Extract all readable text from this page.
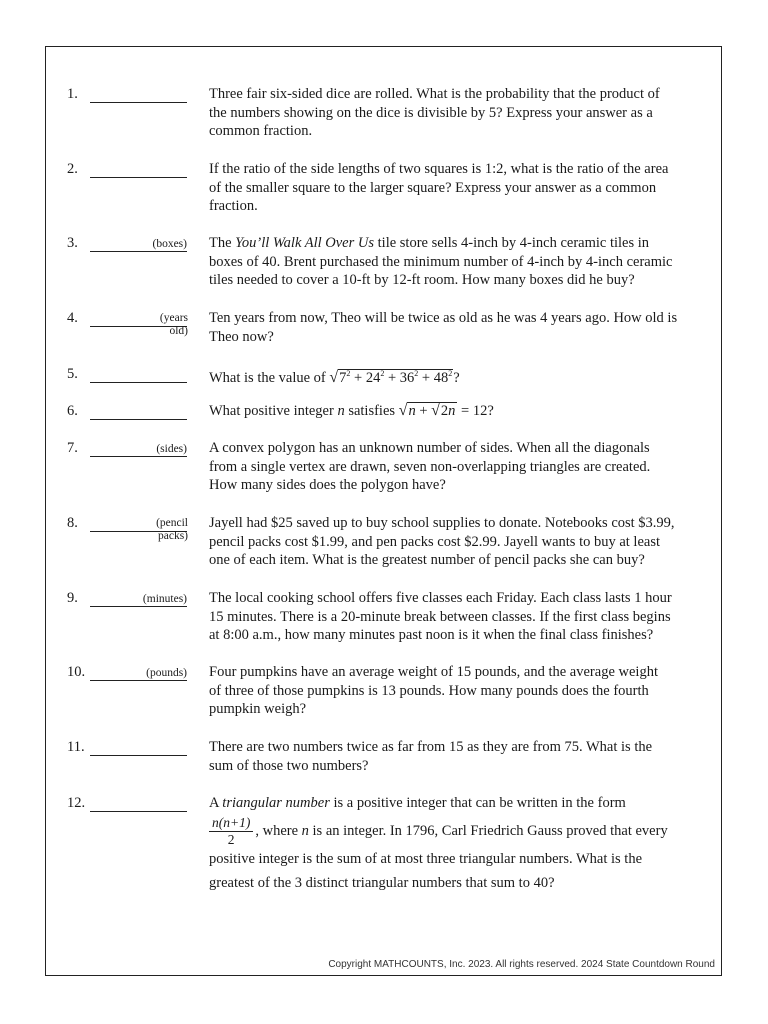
1.	Three fair six-sided dice are rolled. What is the probability that the product of
the numbers showing on the dice is divisible by 5? Express your answer as a
common fraction.
2.	If the ratio of the side lengths of two squares is 1:2, what is the ratio of the area
of the smaller square to the larger square? Express your answer as a common
fraction.
3.	(boxes) The You’ll Walk All Over Us tile store sells 4-inch by 4-inch ceramic tiles in
boxes of 40. Brent purchased the minimum number of 4-inch by 4-inch ceramic
tiles needed to cover a 10-ft by 12-ft room. How many boxes did he buy?
4.	(years
old)
Ten years from now, Theo will be twice as old as he was 4 years ago. How old is
Theo now?
5.	What is the value of $√7^2 + 24^2 + 36^2 + 48^2$?
6.	What positive integer n satisfies √n + √2n = 12?
7.	(sides) A convex polygon has an unknown number of sides. When all the diagonals
from a single vertex are drawn, seven non-overlapping triangles are created.
How many sides does the polygon have?
8.	(pencil
packs)
Jayell had $25 saved up to buy school supplies to donate. Notebooks cost $3.99,
pencil packs cost $1.99, and pen packs cost $2.99. Jayell wants to buy at least
one of each item. What is the greatest number of pencil packs she can buy?
9.	(minutes) The local cooking school offers five classes each Friday. Each class lasts 1 hour
15 minutes. There is a 20-minute break between classes. If the first class begins
at 8:00 a.m., how many minutes past noon is it when the final class finishes?
10.	(pounds) Four pumpkins have an average weight of 15 pounds, and the average weight
of three of those pumpkins is 13 pounds. How many pounds does the fourth
pumpkin weigh?
11.	There are two numbers twice as far from 15 as they are from 75. What is the
sum of those two numbers?
12.	A triangular number is a positive integer that can be written in the form
$\frac{n(n+1)}{2}$ , where n is an integer. In 1796, Carl Friedrich Gauss proved that every
positive integer is the sum of at most three triangular numbers. What is the
greatest of the 3 distinct triangular numbers that sum to 40?
Copyright MATHCOUNTS, Inc. 2023. All rights reserved. 2024 State Countdown Round
